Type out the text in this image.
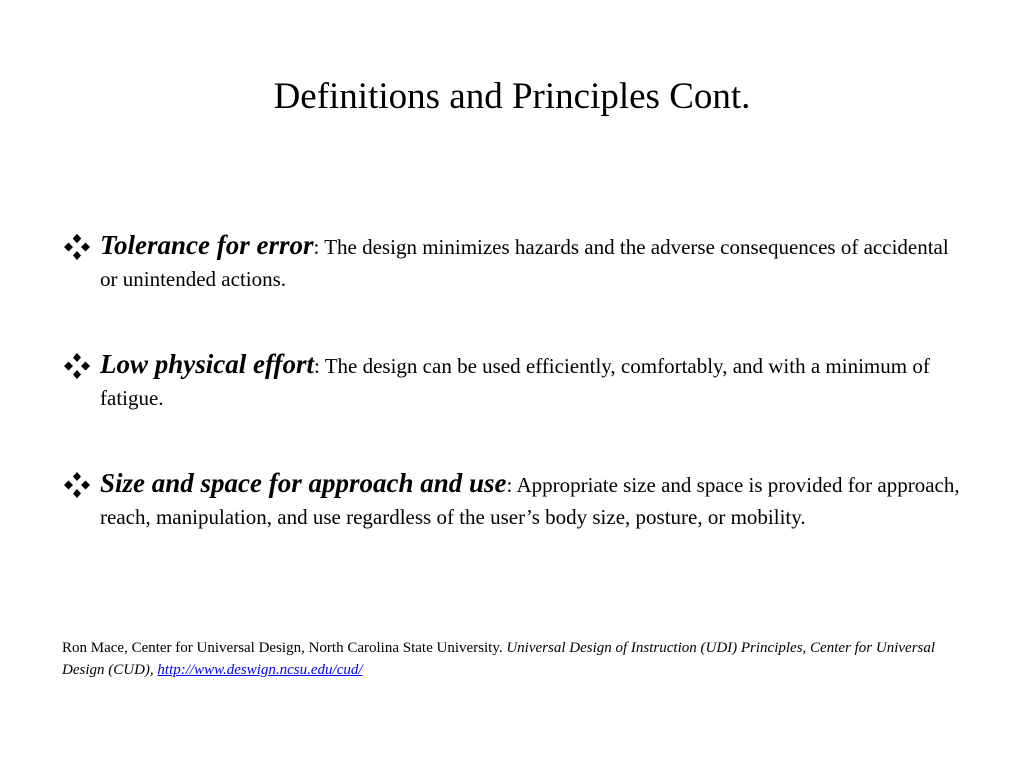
Definitions and Principles Cont.
Tolerance for error: The design minimizes hazards and the adverse consequences of accidental or unintended actions.
Low physical effort: The design can be used efficiently, comfortably, and with a minimum of fatigue.
Size and space for approach and use: Appropriate size and space is provided for approach, reach, manipulation, and use regardless of the user’s body size, posture, or mobility.
Ron Mace, Center for Universal Design, North Carolina State University. Universal Design of Instruction (UDI) Principles, Center for Universal Design (CUD), http://www.deswign.ncsu.edu/cud/
